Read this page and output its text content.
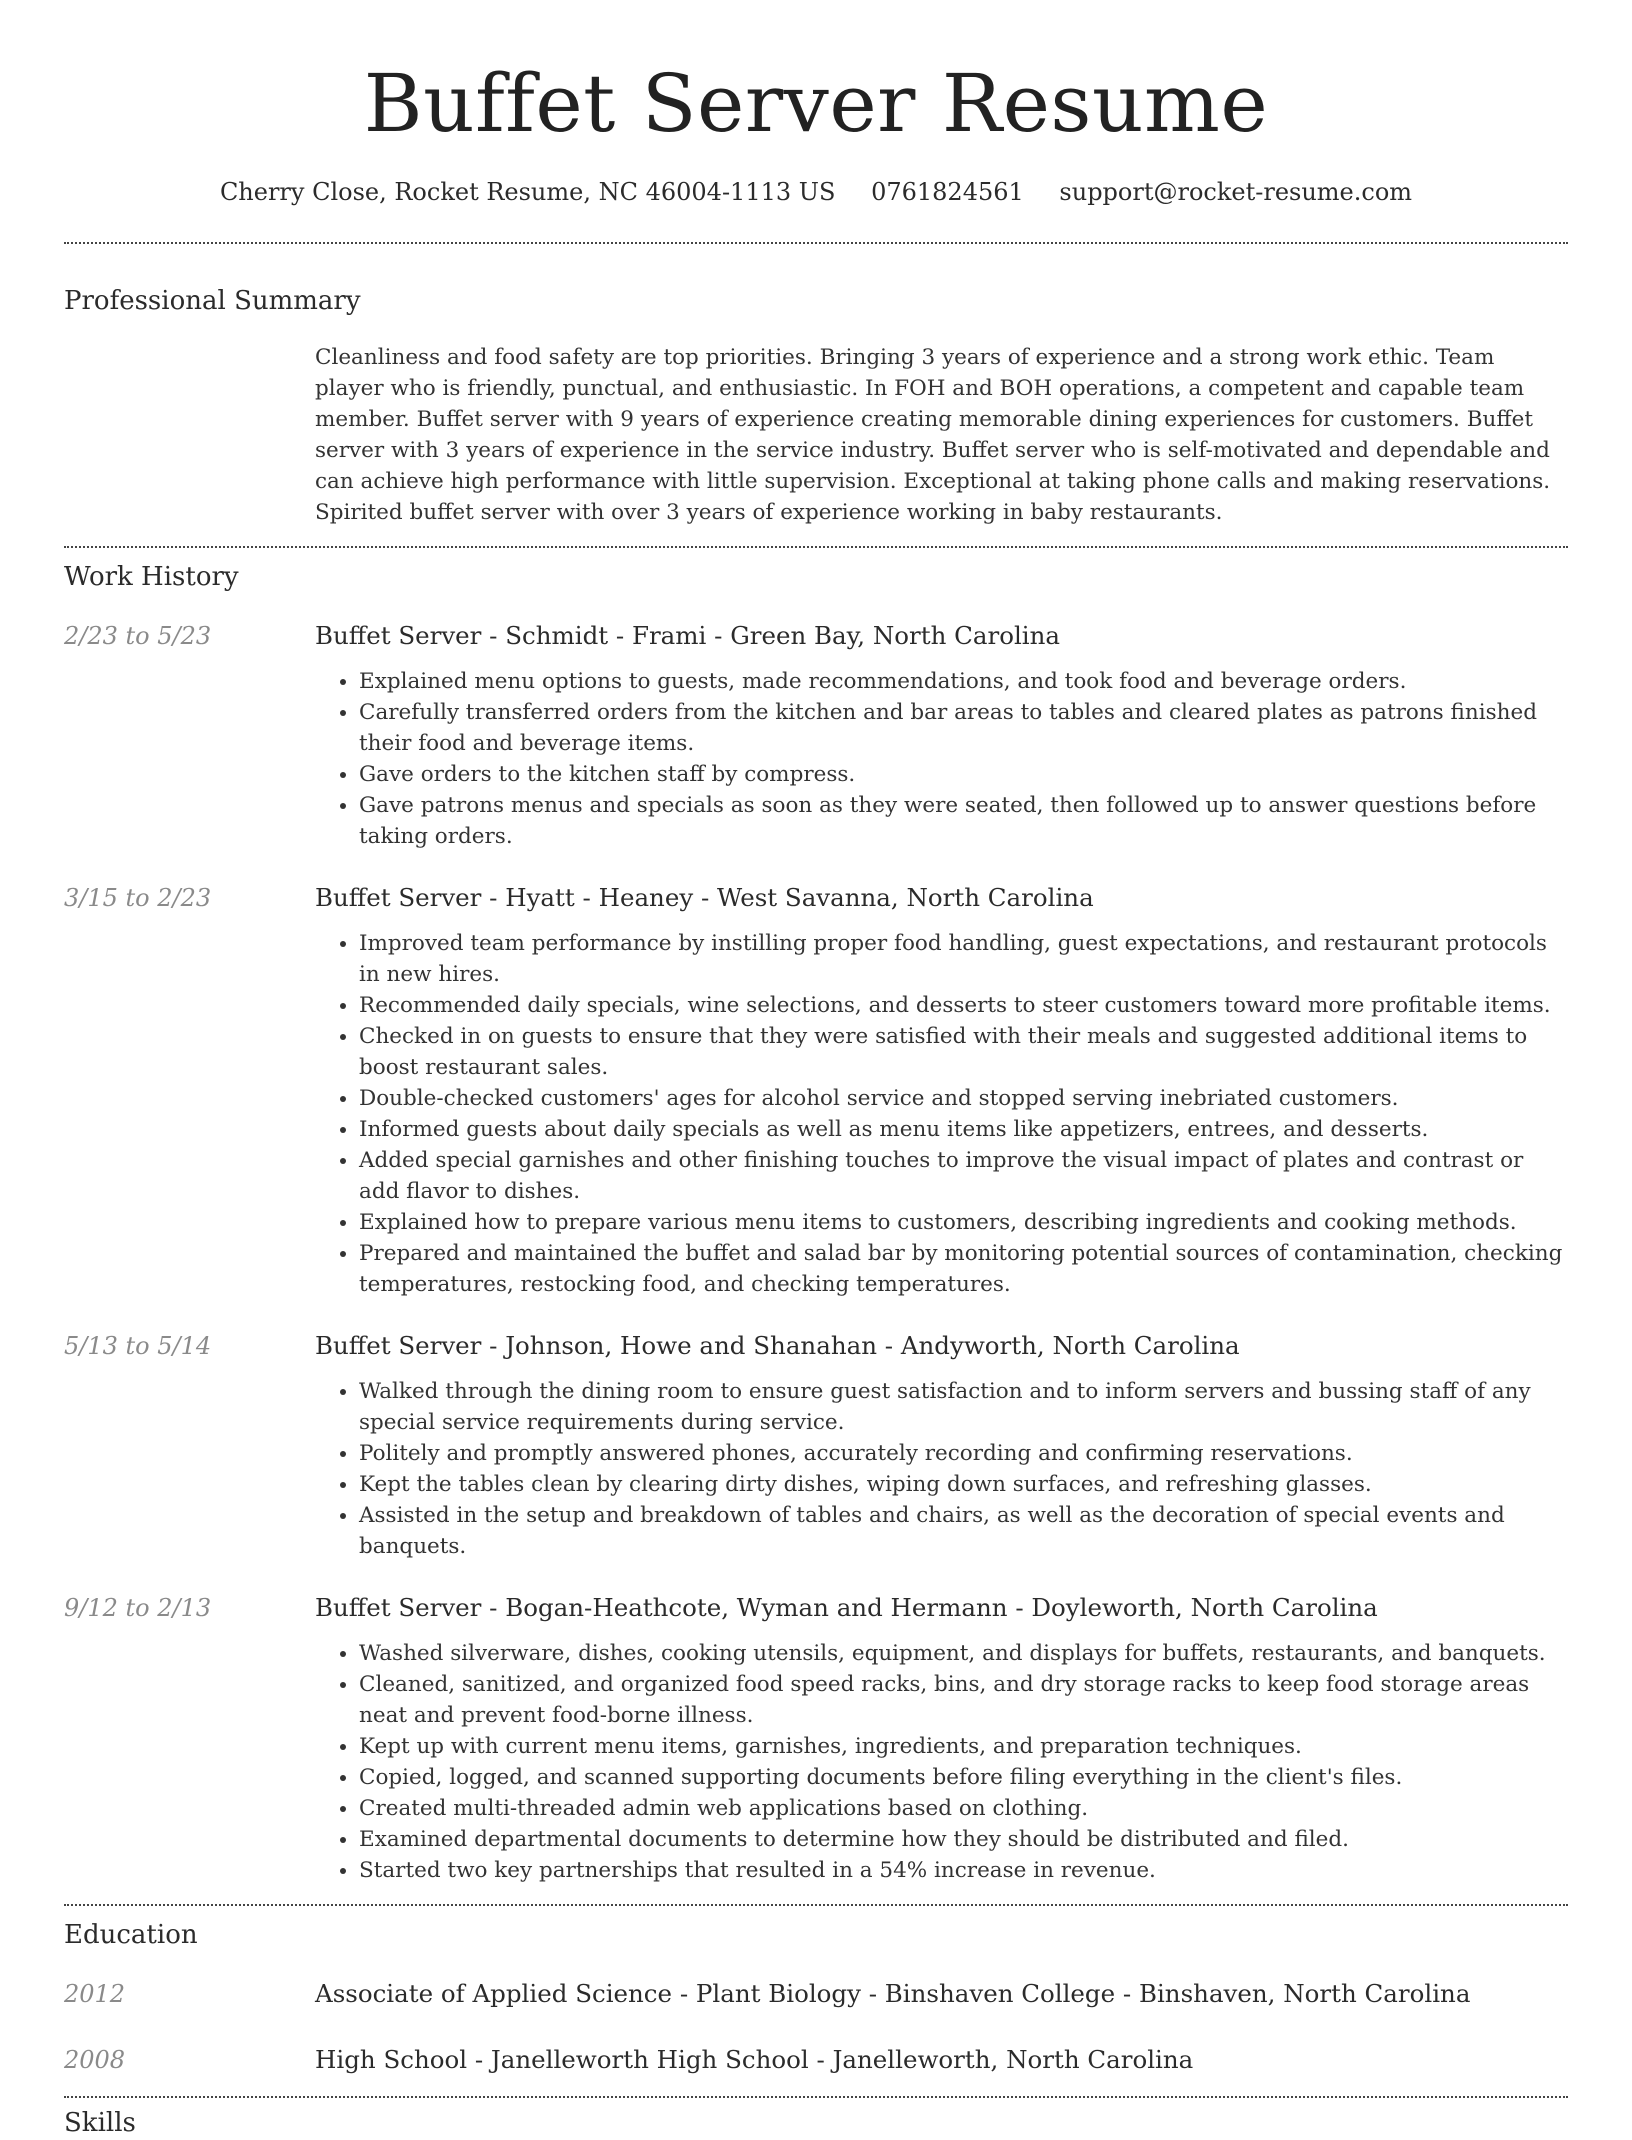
Buffet Server Resume
Cherry Close, Rocket Resume, NC 46004-1113 US 0761824561 support@rocket-resume.com
Professional Summary

Cleanliness and food safety are top priorities. Bringing 3 years of experience and a strong work ethic. Team player who is friendly, punctual, and enthusiastic. In FOH and BOH operations, a competent and capable team member. Buffet server with 9 years of experience creating memorable dining experiences for customers. Buffet server with 3 years of experience in the service industry. Buffet server who is self-motivated and dependable and can achieve high performance with little supervision. Exceptional at taking phone calls and making reservations. Spirited buffet server with over 3 years of experience working in baby restaurants.

Work History
2/23 to 5/23	Buffet Server - Schmidt - Frami - Green Bay, North Carolina
• Explained menu options to guests, made recommendations, and took food and beverage orders.
• Carefully transferred orders from the kitchen and bar areas to tables and cleared plates as patrons finished their food and beverage items.
• Gave orders to the kitchen staff by compress.
• Gave patrons menus and specials as soon as they were seated, then followed up to answer questions before taking orders.
3/15 to 2/23	Buffet Server - Hyatt - Heaney - West Savanna, North Carolina
• Improved team performance by instilling proper food handling, guest expectations, and restaurant protocols in new hires.
• Recommended daily specials, wine selections, and desserts to steer customers toward more profitable items.
• Checked in on guests to ensure that they were satisfied with their meals and suggested additional items to boost restaurant sales.
• Double-checked customers' ages for alcohol service and stopped serving inebriated customers.
• Informed guests about daily specials as well as menu items like appetizers, entrees, and desserts.
• Added special garnishes and other finishing touches to improve the visual impact of plates and contrast or add flavor to dishes.
• Explained how to prepare various menu items to customers, describing ingredients and cooking methods.
• Prepared and maintained the buffet and salad bar by monitoring potential sources of contamination, checking temperatures, restocking food, and checking temperatures.
5/13 to 5/14	Buffet Server - Johnson, Howe and Shanahan - Andyworth, North Carolina
• Walked through the dining room to ensure guest satisfaction and to inform servers and bussing staff of any special service requirements during service.
• Politely and promptly answered phones, accurately recording and confirming reservations.
• Kept the tables clean by clearing dirty dishes, wiping down surfaces, and refreshing glasses.
• Assisted in the setup and breakdown of tables and chairs, as well as the decoration of special events and banquets.
9/12 to 2/13	Buffet Server - Bogan-Heathcote, Wyman and Hermann - Doyleworth, North Carolina
• Washed silverware, dishes, cooking utensils, equipment, and displays for buffets, restaurants, and banquets.
• Cleaned, sanitized, and organized food speed racks, bins, and dry storage racks to keep food storage areas neat and prevent food-borne illness.
• Kept up with current menu items, garnishes, ingredients, and preparation techniques.
• Copied, logged, and scanned supporting documents before filing everything in the client's files.
• Created multi-threaded admin web applications based on clothing.
• Examined departmental documents to determine how they should be distributed and filed.
• Started two key partnerships that resulted in a 54% increase in revenue.
Education
2012	Associate of Applied Science - Plant Biology - Binshaven College - Binshaven, North Carolina
2008	High School - Janelleworth High School - Janelleworth, North Carolina
Skills
